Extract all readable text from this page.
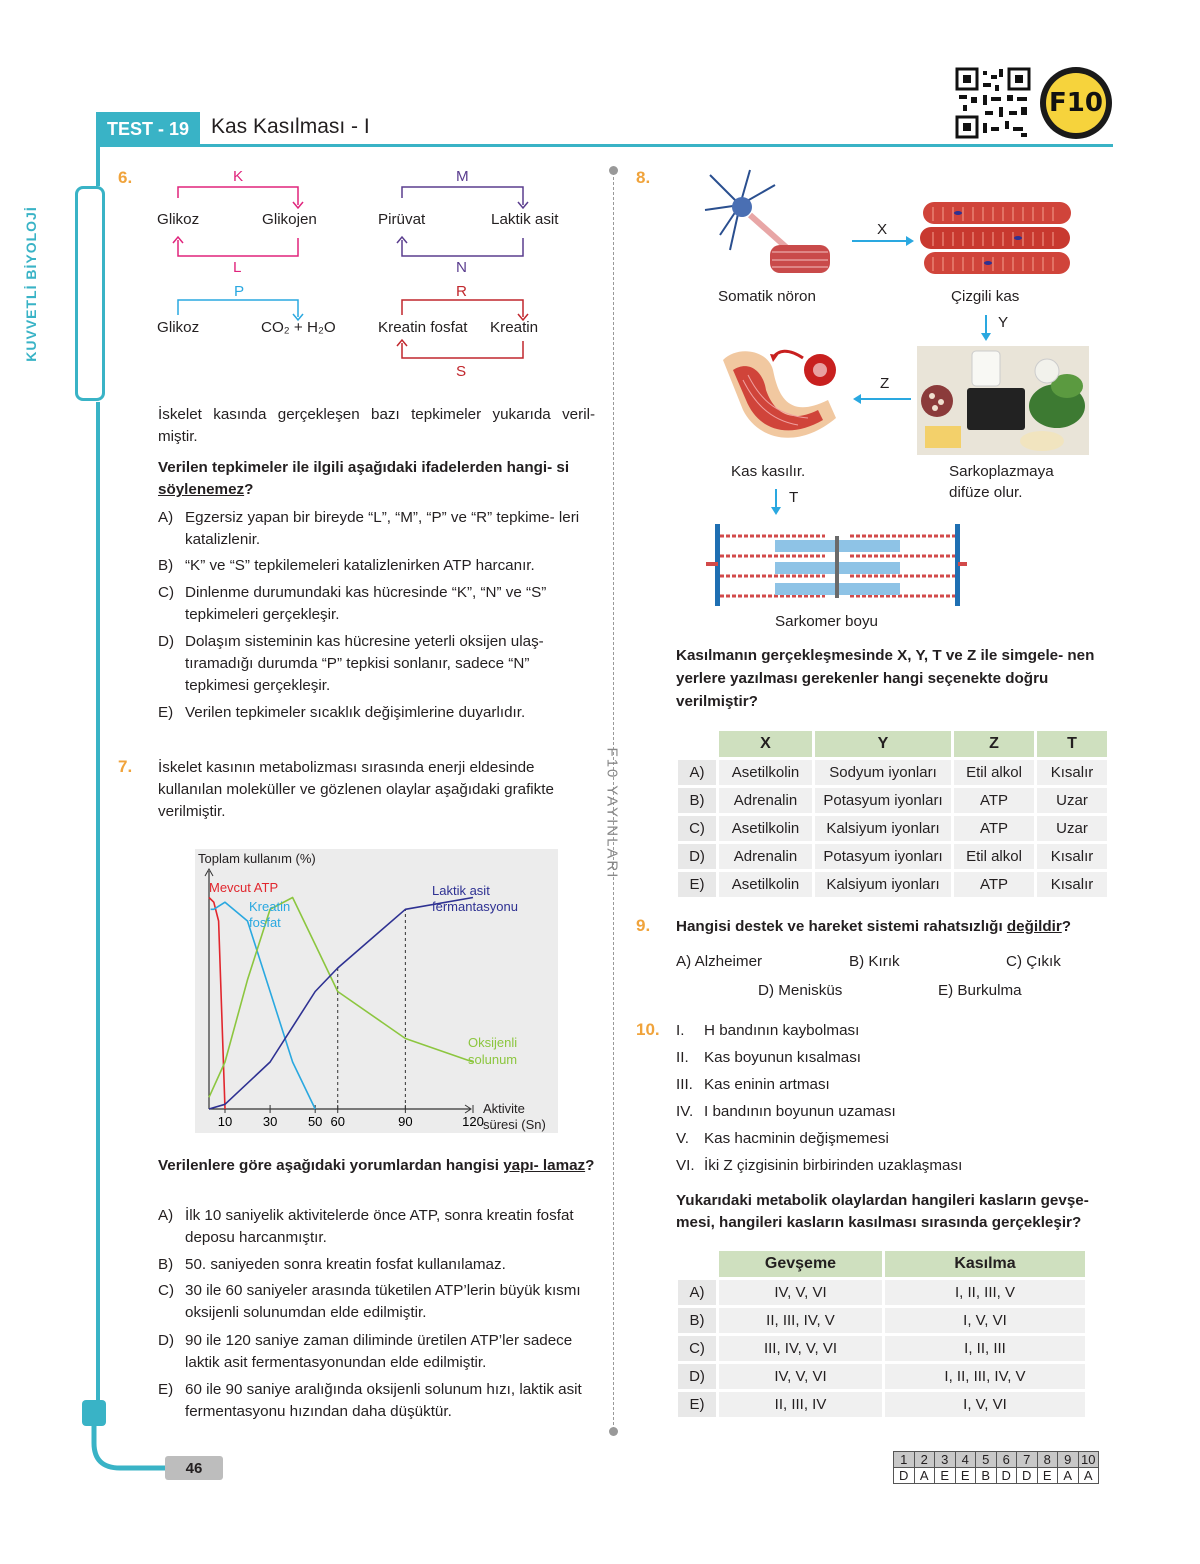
TEST - 19	Kas Kasılması - I
KUVVETLİ BİYOLOJİ
F10
F10 YAYINLARI
6.	K
L
M
N
P	R
S
Glikoz	Glikojen	Pirüvat	Laktik asit
Glikoz	CO₂ + H₂O	Kreatin fosfat Kreatin
İskelet kasında gerçekleşen bazı tepkimeler yukarıda veril- miştir.
Verilen tepkimeler ile ilgili aşağıdaki ifadelerden hangi- si söylenemez?
A) Egzersiz yapan bir bireyde “L”, “M”, “P” ve “R” tepkime- leri katalizlenir.
B) “K” ve “S” tepkilemeleri katalizlenirken ATP harcanır.
C) Dinlenme durumundaki kas hücresinde “K”, “N” ve “S” tepkimeleri gerçekleşir.
D) Dolaşım sisteminin kas hücresine yeterli oksijen ulaş- tıramadığı durumda “P” tepkisi sonlanır, sadece “N” tepkimesi gerçekleşir.
E) Verilen tepkimeler sıcaklık değişimlerine duyarlıdır.
7. İskelet kasının metabolizması sırasında enerji eldesinde kullanılan moleküller ve gözlenen olaylar aşağıdaki grafikte verilmiştir.
Toplam kullanım (%)
10 30 50 60	90	120
Mevcut ATP
Kreatin fosfat
Laktik asit fermantasyonu
Oksijenli solunum
Aktivite süresi (Sn)
Verilenlere göre aşağıdaki yorumlardan hangisi yapı- lamaz?
A) İlk 10 saniyelik aktivitelerde önce ATP, sonra kreatin fosfat deposu harcanmıştır.
B) 50. saniyeden sonra kreatin fosfat kullanılamaz.
C) 30 ile 60 saniyeler arasında tüketilen ATP’lerin büyük kısmı oksijenli solunumdan elde edilmiştir.
D) 90 ile 120 saniye zaman diliminde üretilen ATP’ler sadece laktik asit fermentasyonundan elde edilmiştir.
E) 60 ile 90 saniye aralığında oksijenli solunum hızı, laktik asit fermentasyonu hızından daha düşüktür.
8.
Somatik nöron
X
Çizgili kas
Y
Z
Kas kasılır.	Sarkoplazmaya difüze olur.
T
Sarkomer boyu
Kasılmanın gerçekleşmesinde X, Y, T ve Z ile simgele- nen yerlere yazılması gerekenler hangi seçenekte doğru verilmiştir?
	X	Y	Z	T
A)	Asetilkolin	Sodyum iyonları	Etil alkol	Kısalır
B)	Adrenalin	Potasyum iyonları	ATP	Uzar
C)	Asetilkolin	Kalsiyum iyonları	ATP	Uzar
D)	Adrenalin	Potasyum iyonları	Etil alkol	Kısalır
E)	Asetilkolin	Kalsiyum iyonları	ATP	Kısalır
9. Hangisi destek ve hareket sistemi rahatsızlığı değildir?
A) Alzheimer	B) Kırık	C) Çıkık
D) Menisküs	E) Burkulma
10. I. H bandının kaybolması
II. Kas boyunun kısalması
III. Kas eninin artması
IV. I bandının boyunun uzaması
V. Kas hacminin değişmemesi
VI. İki Z çizgisinin birbirinden uzaklaşması
Yukarıdaki metabolik olaylardan hangileri kasların gevşe- mesi, hangileri kasların kasılması sırasında gerçekleşir?
	Gevşeme	Kasılma
A)	IV, V, VI	I, II, III, V
B)	II, III, IV, V	I, V, VI
C)	III, IV, V, VI	I, II, III
D)	IV, V, VI	I, II, III, IV, V
E)	II, III, IV	I, V, VI
46	1	2	3	4	5	6	7	8	9	10
D	A	E	E	B	D	D	E	A	A
